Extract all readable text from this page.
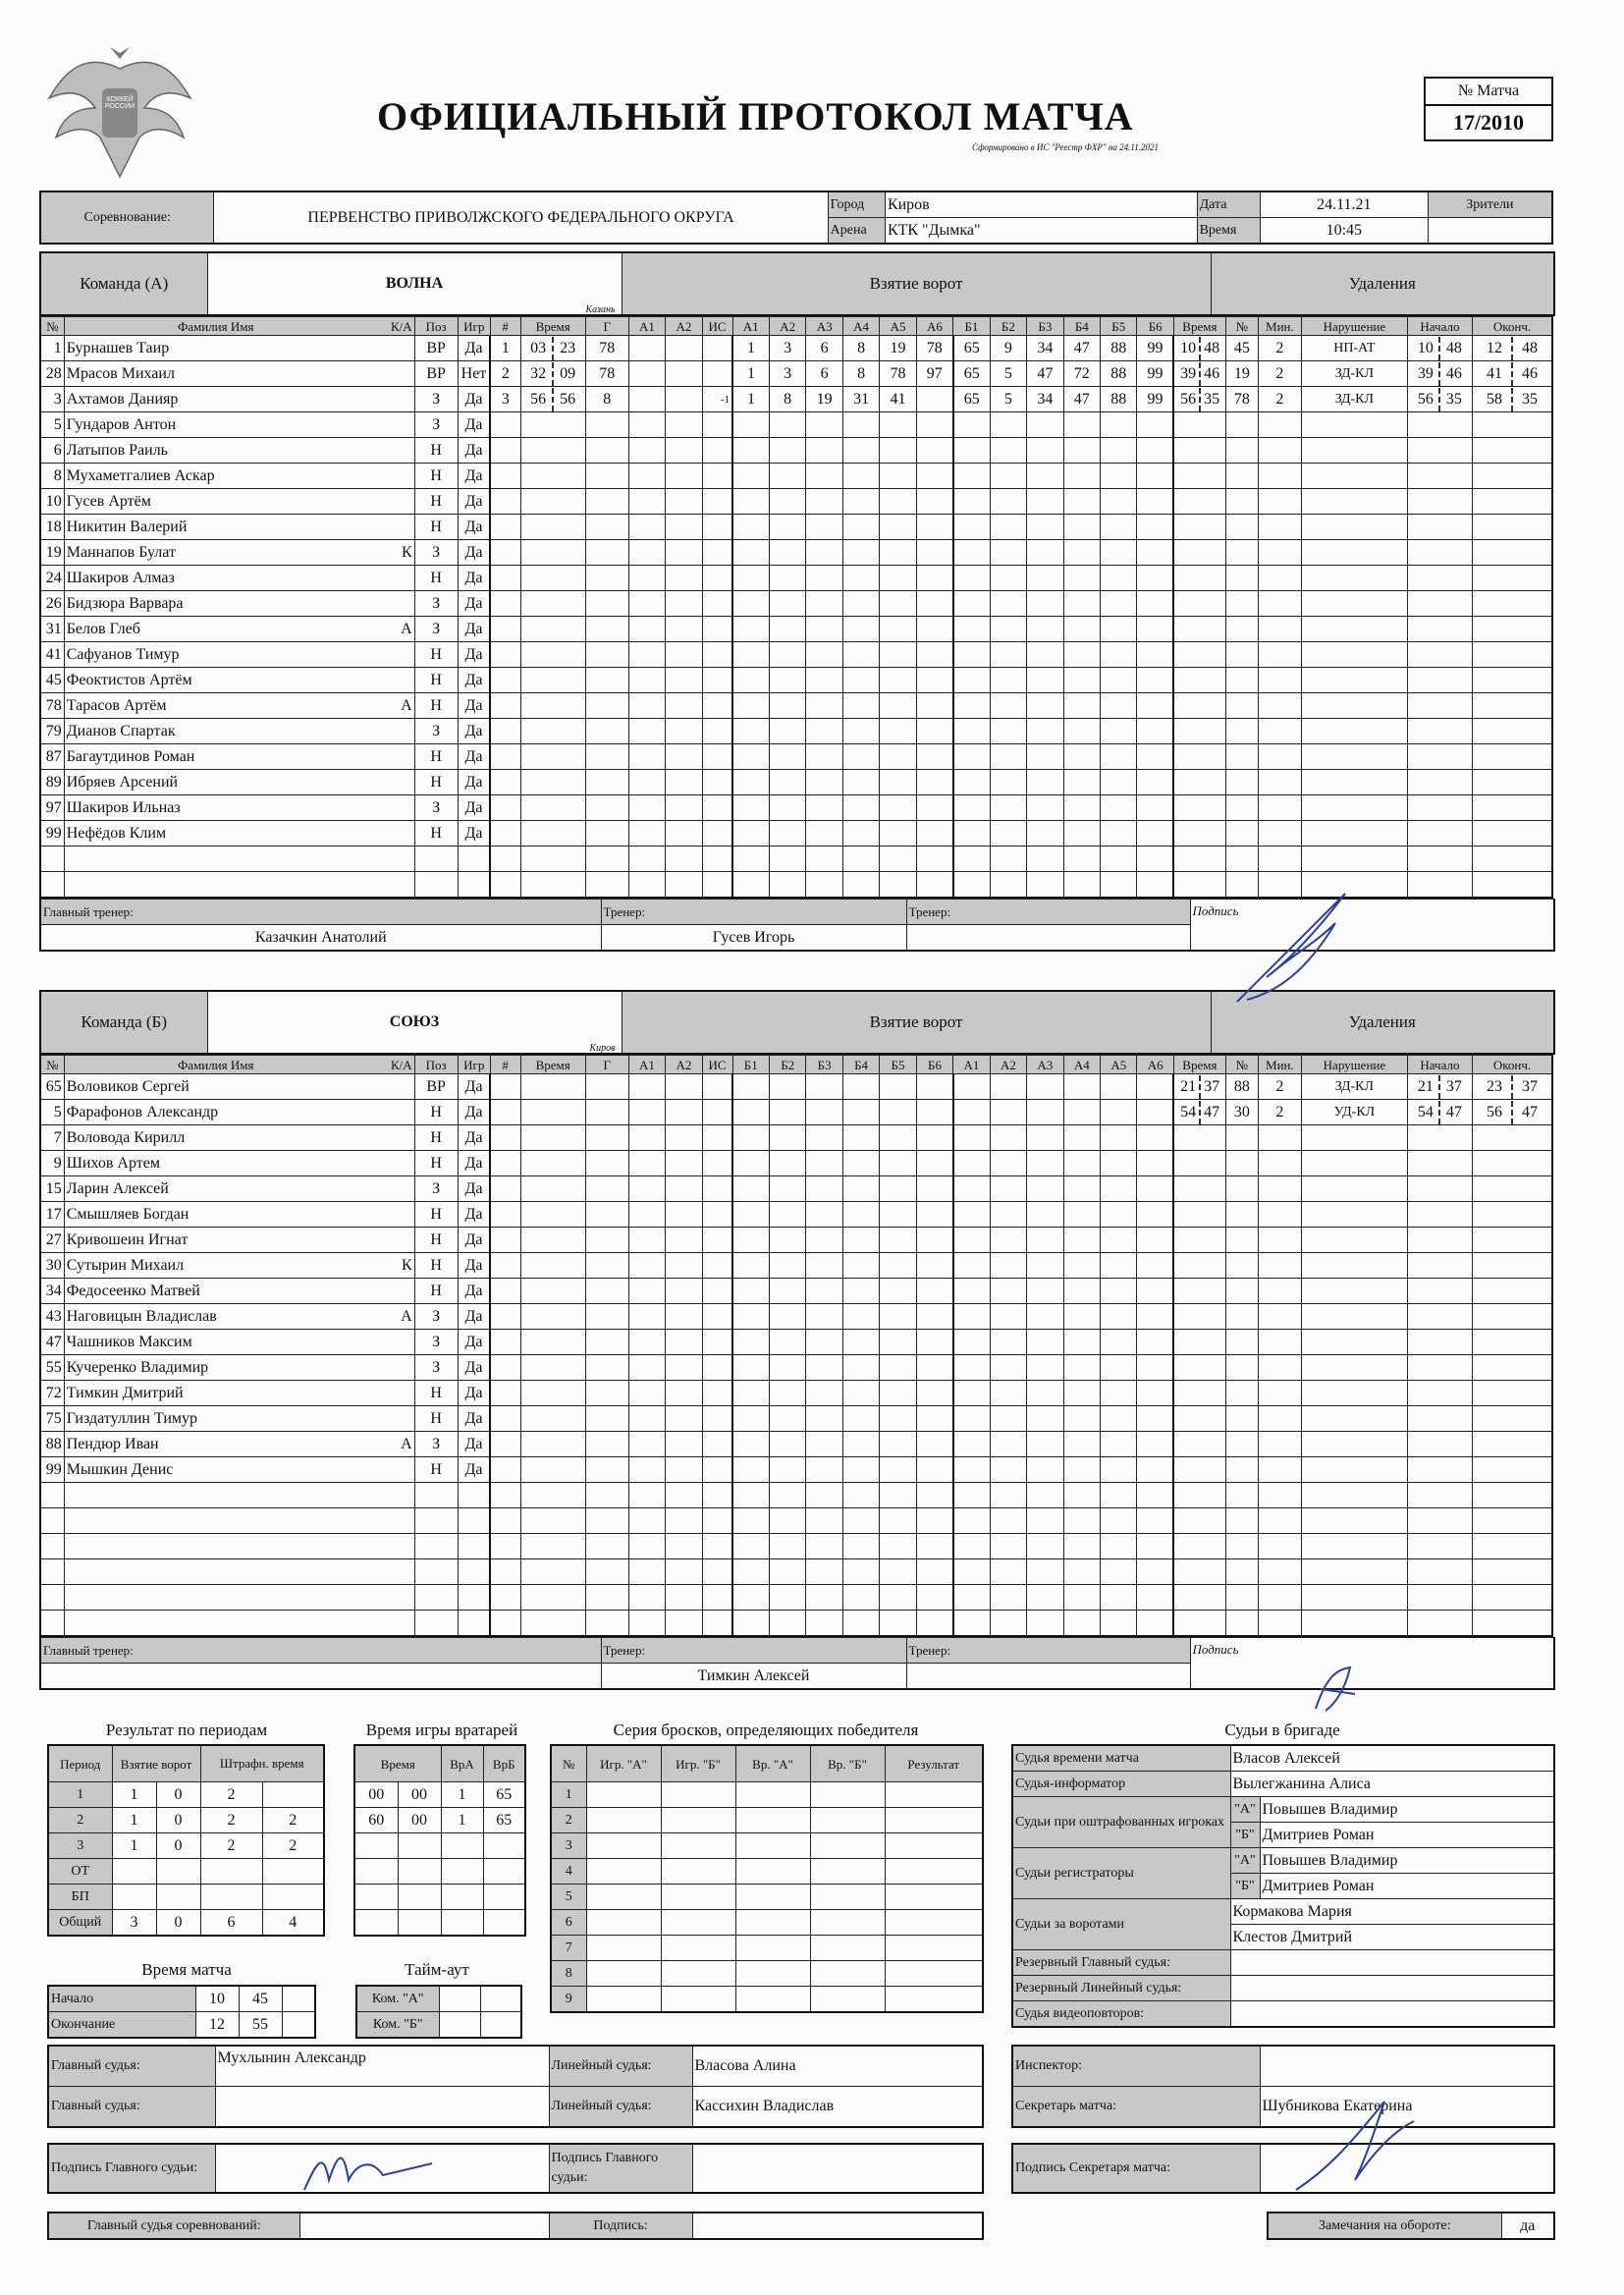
ХОККЕЙ РОССИИ	ОФИЦИАЛЬНЫЙ ПРОТОКОЛ МАТЧА
Сформировано в ИС "Реестр ФХР" на 24.11.2021
№ Матча
17/2010
Соревнование:	ПЕРВЕНСТВО ПРИВОЛЖСКОГО ФЕДЕРАЛЬНОГО ОКРУГА	Город	Киров	Дата	24.11.21	Зрители
		Арена	КТК "Дымка"	Время	10:45	
Команда (А)	ВОЛНА
Казань
	Взятие ворот	Удаления
№	Фамилия Имя	К/А	Поз	Игр	#	Время	Г	А1	А2	ИС	А1	А2	А3	А4	А5	А6	Б1	Б2	Б3	Б4	Б5	Б6	Время	№	Мин.	Нарушение	Начало	Оконч.
1	Бурнашев Таир		ВР	Да	1	03 23	78				1	3	6	8	19	78	65	9	34	47	88	99	10 48	45	2	НП-АТ	10 48	12 48
28	Мрасов Михаил		ВР	Нет	2	32 09	78				1	3	6	8	78	97	65	5	47	72	88	99	39 46	19	2	ЗД-КЛ	39 46	41 46
3	Ахтамов Данияр		З	Да	3	56 56	8			-1	1	8	19	31	41		65	5	34	47	88	99	56 35	78	2	ЗД-КЛ	56 35	58 35
5	Гундаров Антон		З	Да																								
6	Латыпов Раиль		Н	Да																								
8	Мухаметгалиев Аскар		Н	Да																								
10	Гусев Артём		Н	Да																								
18	Никитин Валерий		Н	Да																								
19	Маннапов Булат	К	З	Да																								
24	Шакиров Алмаз		Н	Да																								
26	Бидзюра Варвара		З	Да																								
31	Белов Глеб	А	З	Да																								
41	Сафуанов Тимур		Н	Да																								
45	Феоктистов Артём		Н	Да																								
78	Тарасов Артём	А	Н	Да																								
79	Дианов Спартак		З	Да																								
87	Багаутдинов Роман		Н	Да																								
89	Ибряев Арсений		Н	Да																								
97	Шакиров Ильназ		З	Да																								
99	Нефёдов Клим		Н	Да																								

Главный тренер:	Тренер:	Тренер:	Подпись
Казачкин Анатолий	Гусев Игорь		
Команда (Б)	СОЮЗ
Киров
	Взятие ворот	Удаления
№	Фамилия Имя	К/А	Поз	Игр	#	Время	Г	А1	А2	ИС	Б1	Б2	Б3	Б4	Б5	Б6	А1	А2	А3	А4	А5	А6	Время	№	Мин.	Нарушение	Начало	Оконч.
65	Воловиков Сергей		ВР	Да																			21 37	88	2	ЗД-КЛ	21 37	23 37
5	Фарафонов Александр		Н	Да																			54 47	30	2	УД-КЛ	54 47	56 47
7	Воловода Кирилл		Н	Да																								
9	Шихов Артем		Н	Да																								
15	Ларин Алексей		З	Да																								
17	Смышляев Богдан		Н	Да																								
27	Кривошеин Игнат		Н	Да																								
30	Сутырин Михаил	К	Н	Да																								
34	Федосеенко Матвей		Н	Да																								
43	Наговицын Владислав	А	З	Да																								
47	Чашников Максим		З	Да																								
55	Кучеренко Владимир		З	Да																								
72	Тимкин Дмитрий		Н	Да																								
75	Гиздатуллин Тимур		Н	Да																								
88	Пендюр Иван	А	З	Да																								
99	Мышкин Денис		Н	Да																								

Главный тренер:	Тренер:	Тренер:	Подпись
	Тимкин Алексей		
Результат по периодам
Период	Взятие ворот		Штрафн. время	
1	1	0	2	
2	1	0	2	2
3	1	0	2	2
ОТ				
БП				
Общий	3	0	6	4
Время игры вратарей
Время		ВрА	ВрБ
00	00	1	65
60	00	1	65

Время матча
Начало	10	45	
Окончание	12	55	
Тайм-аут
Ком. "А"		
Ком. "Б"		
Серия бросков, определяющих победителя
№	Игр. "А"	Игр. "Б"	Вр. "А"	Вр. "Б"	Результат
1					
2					
3					
4					
5					
6					
7					
8					
9					
Судьи в бригаде
Судья времени матча	Власов Алексей	
Судья-информатор	Вылегжанина Алиса	
Судьи при оштрафованных игроках	"А"	Повышев Владимир
	"Б"	Дмитриев Роман
Судьи регистраторы	"А"	Повышев Владимир
	"Б"	Дмитриев Роман
Судьи за воротами	Кормакова Мария	
	Клестов Дмитрий	
Резервный Главный судья:		
Резервный Линейный судья:		
Судья видеоповторов:		
Главный судья:	Мухлынин Александр	Линейный судья:	Власова Алина
Главный судья:		Линейный судья:	Кассихин Владислав
Инспектор:	
Секретарь матча:	Шубникова Екатерина
Подпись Главного судьи:		Подпись Главного судьи:	
Подпись Секретаря матча:	
Главный судья соревнований:		Подпись:		Замечания на обороте:	да
